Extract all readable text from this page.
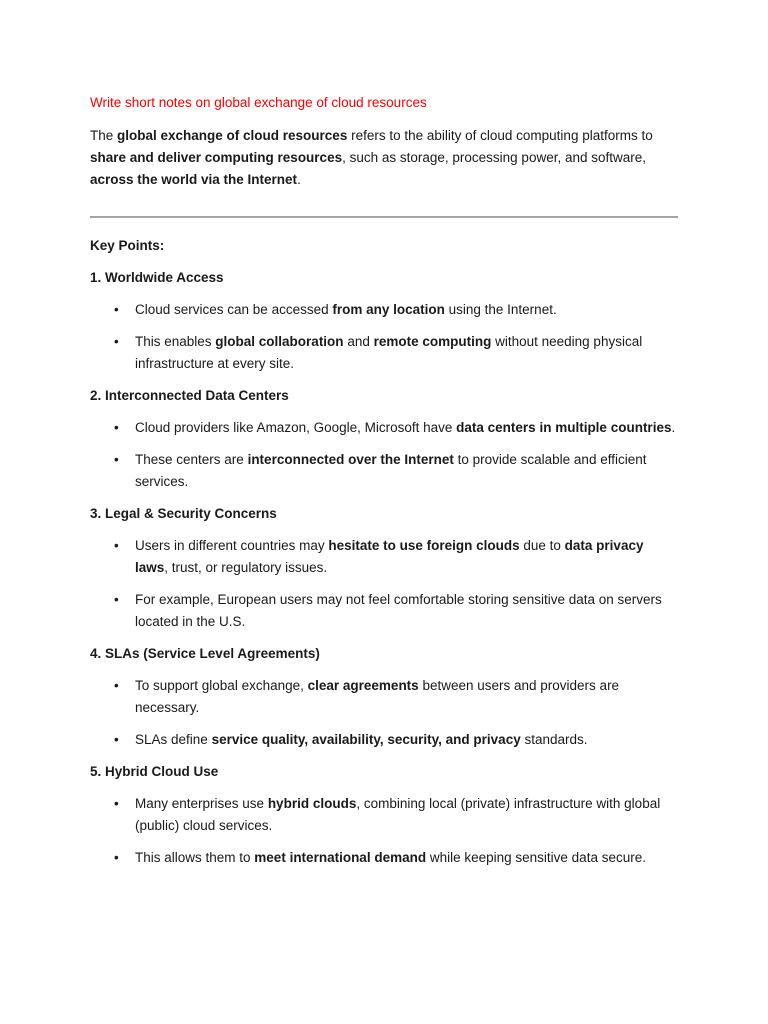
Write short notes on global exchange of cloud resources

The global exchange of cloud resources refers to the ability of cloud computing platforms to share and deliver computing resources, such as storage, processing power, and software, across the world via the Internet.

Key Points:

1. Worldwide Access

• Cloud services can be accessed from any location using the Internet.
• This enables global collaboration and remote computing without needing physical infrastructure at every site.

2. Interconnected Data Centers

• Cloud providers like Amazon, Google, Microsoft have data centers in multiple countries.
• These centers are interconnected over the Internet to provide scalable and efficient services.

3. Legal & Security Concerns

• Users in different countries may hesitate to use foreign clouds due to data privacy laws, trust, or regulatory issues.
• For example, European users may not feel comfortable storing sensitive data on servers located in the U.S.

4. SLAs (Service Level Agreements)

• To support global exchange, clear agreements between users and providers are necessary.
• SLAs define service quality, availability, security, and privacy standards.

5. Hybrid Cloud Use

• Many enterprises use hybrid clouds, combining local (private) infrastructure with global (public) cloud services.
• This allows them to meet international demand while keeping sensitive data secure.
